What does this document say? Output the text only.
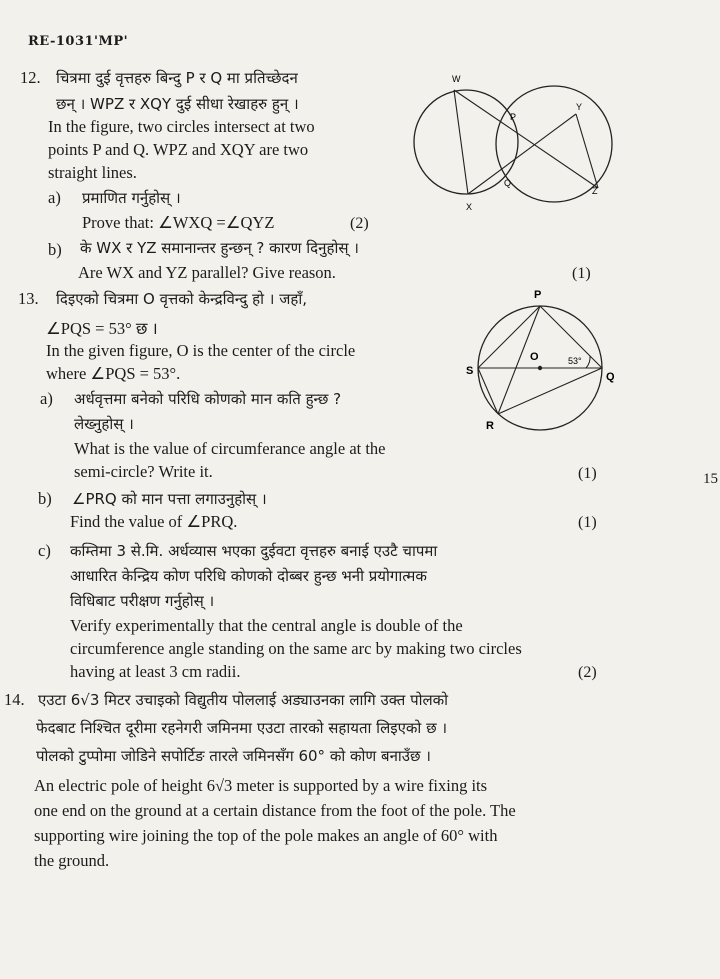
RE-1031'MP'
15
12. चित्रमा दुई वृत्तहरु बिन्दु P र Q मा प्रतिच्छेदन
छन् । WPZ र XQY दुई सीधा रेखाहरु हुन् ।
In the figure, two circles intersect at two
points P and Q. WPZ and XQY are two
straight lines.
a) प्रमाणित गर्नुहोस् ।
Prove that: ∠WXQ =∠QYZ	(2)
b) के WX र YZ समानान्तर हुन्छन् ? कारण दिनुहोस् ।
Are WX and YZ parallel? Give reason.	(1)
W
P
Y
Q
Z
X
13. दिइएको चित्रमा O वृत्तको केन्द्रविन्दु हो । जहाँ,
∠PQS = 53° छ ।
In the given figure, O is the center of the circle
where ∠PQS = 53°.
a) अर्धवृत्तमा बनेको परिधि कोणको मान कति हुन्छ ?
लेख्नुहोस् ।
What is the value of circumferance angle at the
semi-circle? Write it.	(1)
b) ∠PRQ को मान पत्ता लगाउनुहोस् ।
Find the value of ∠PRQ.	(1)
c) कम्तिमा 3 से.मि. अर्धव्यास भएका दुईवटा वृत्तहरु बनाई एउटै चापमा
आधारित केन्द्रिय कोण परिधि कोणको दोब्बर हुन्छ भनी प्रयोगात्मक
विधिबाट परीक्षण गर्नुहोस् ।
Verify experimentally that the central angle is double of the
circumference angle standing on the same arc by making two circles
having at least 3 cm radii.	(2)
P
O
S	Q
R
53°
14. एउटा 6√3 मिटर उचाइको विद्युतीय पोललाई अड्याउनका लागि उक्त पोलको
फेदबाट निश्चित दूरीमा रहनेगरी जमिनमा एउटा तारको सहायता लिइएको छ ।
पोलको टुप्पोमा जोडिने सपोर्टिङ तारले जमिनसँग 60° को कोण बनाउँछ ।
An electric pole of height 6√3 meter is supported by a wire fixing its
one end on the ground at a certain distance from the foot of the pole. The
supporting wire joining the top of the pole makes an angle of 60° with
the ground.
